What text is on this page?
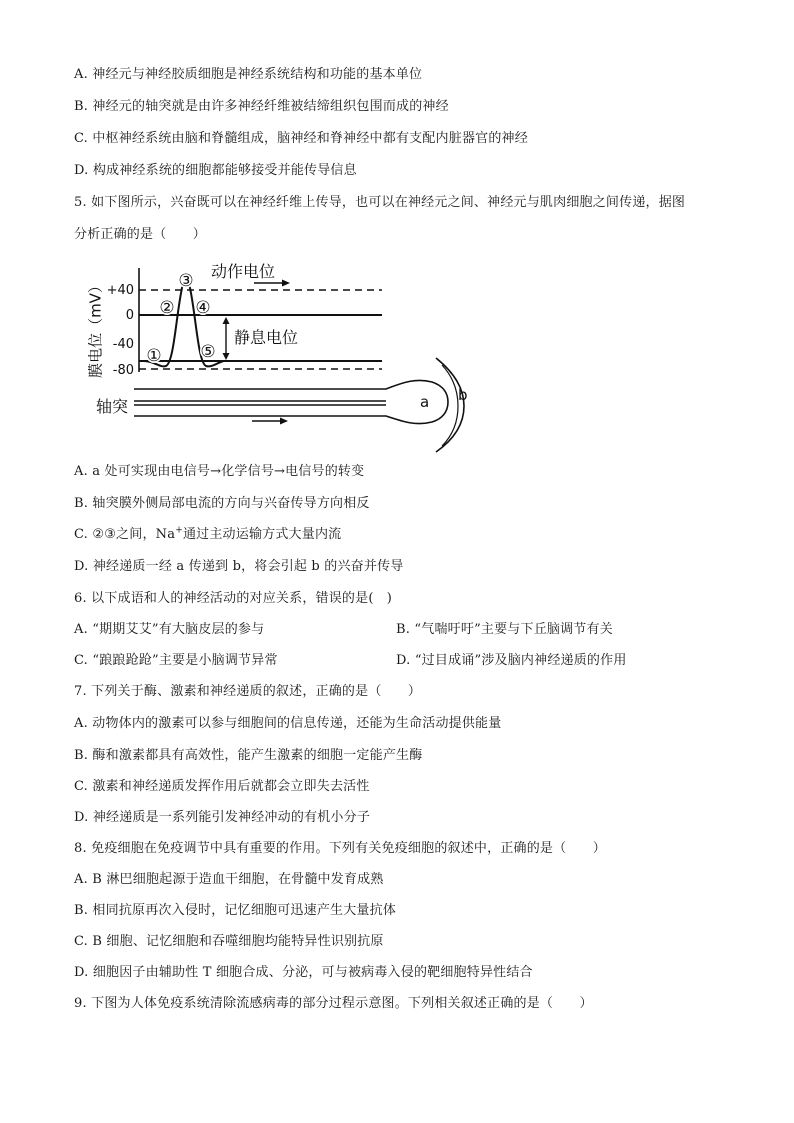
A. 神经元与神经胶质细胞是神经系统结构和功能的基本单位
B. 神经元的轴突就是由许多神经纤维被结缔组织包围而成的神经
C. 中枢神经系统由脑和脊髓组成，脑神经和脊神经中都有支配内脏器官的神经
D. 构成神经系统的细胞都能够接受并能传导信息
5. 如下图所示，兴奋既可以在神经纤维上传导，也可以在神经元之间、神经元与肌肉细胞之间传递，据图
分析正确的是（　　）
膜电位（mV） +40
0
-40
-80
①
②
③
④
⑤
动作电位
静息电位
轴突	a b
A. a 处可实现由电信号→化学信号→电信号的转变
B. 轴突膜外侧局部电流的方向与兴奋传导方向相反
C. ②③之间，Na+通过主动运输方式大量内流
D. 神经递质一经 a 传递到 b，将会引起 b 的兴奋并传导
6. 以下成语和人的神经活动的对应关系，错误的是(　)
A. “期期艾艾”有大脑皮层的参与	B. “气喘吁吁”主要与下丘脑调节有关
C. “踉踉跄跄”主要是小脑调节异常	D. “过目成诵”涉及脑内神经递质的作用
7. 下列关于酶、激素和神经递质的叙述，正确的是（　　）
A. 动物体内的激素可以参与细胞间的信息传递，还能为生命活动提供能量
B. 酶和激素都具有高效性，能产生激素的细胞一定能产生酶
C. 激素和神经递质发挥作用后就都会立即失去活性
D. 神经递质是一系列能引发神经冲动的有机小分子
8. 免疫细胞在免疫调节中具有重要的作用。下列有关免疫细胞的叙述中，正确的是（　　）
A. B 淋巴细胞起源于造血干细胞，在骨髓中发育成熟
B. 相同抗原再次入侵时，记忆细胞可迅速产生大量抗体
C. B 细胞、记忆细胞和吞噬细胞均能特异性识别抗原
D. 细胞因子由辅助性 T 细胞合成、分泌，可与被病毒入侵的靶细胞特异性结合
9. 下图为人体免疫系统清除流感病毒的部分过程示意图。下列相关叙述正确的是（　　）
